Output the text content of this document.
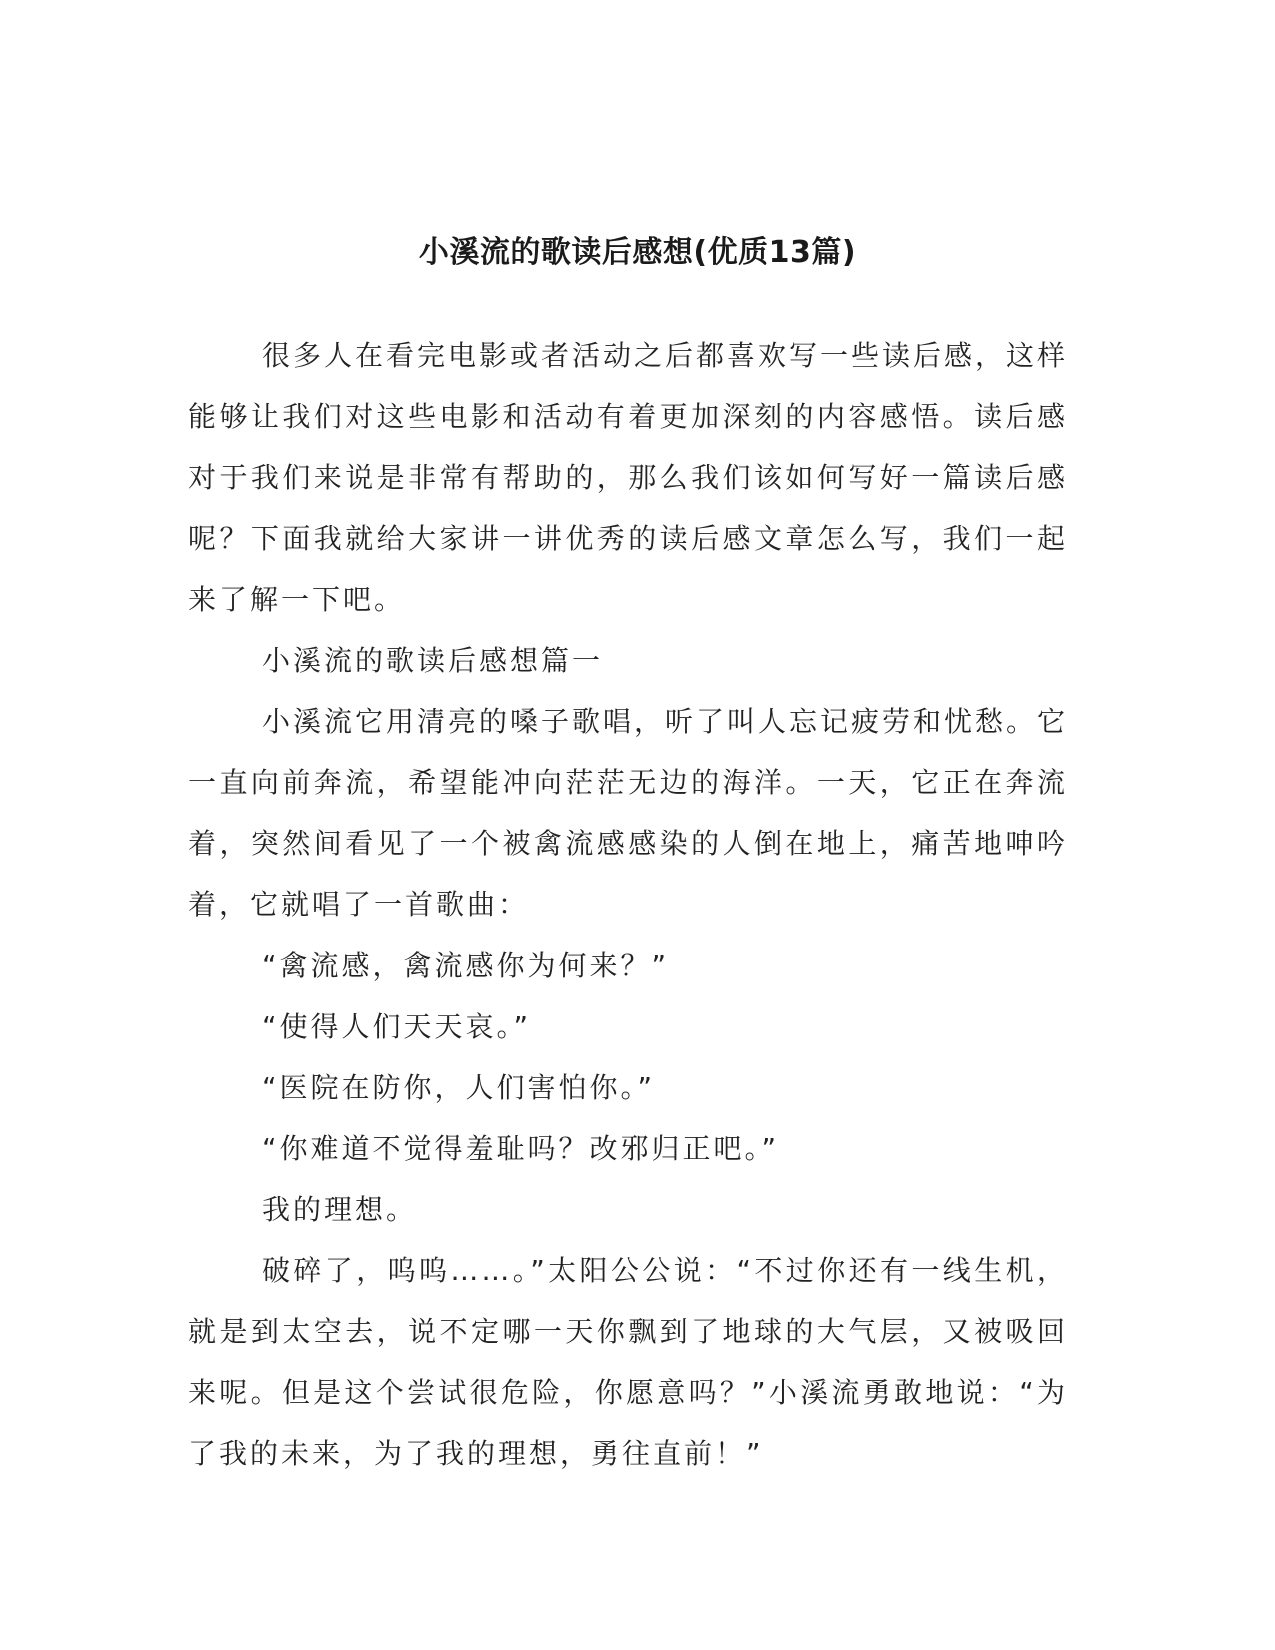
小溪流的歌读后感想(优质13篇)

很多人在看完电影或者活动之后都喜欢写一些读后感，这样能够让我们对这些电影和活动有着更加深刻的内容感悟。读后感对于我们来说是非常有帮助的，那么我们该如何写好一篇读后感呢？下面我就给大家讲一讲优秀的读后感文章怎么写，我们一起来了解一下吧。

小溪流的歌读后感想篇一

小溪流它用清亮的嗓子歌唱，听了叫人忘记疲劳和忧愁。它一直向前奔流，希望能冲向茫茫无边的海洋。一天，它正在奔流着，突然间看见了一个被禽流感感染的人倒在地上，痛苦地呻吟着，它就唱了一首歌曲：

“禽流感，禽流感你为何来？”

“使得人们天天哀。”

“医院在防你，人们害怕你。”

“你难道不觉得羞耻吗？改邪归正吧。”

我的理想。

破碎了，呜呜……。”太阳公公说：“不过你还有一线生机，就是到太空去，说不定哪一天你飘到了地球的大气层，又被吸回来呢。但是这个尝试很危险，你愿意吗？”小溪流勇敢地说：“为了我的未来，为了我的理想，勇往直前！”
